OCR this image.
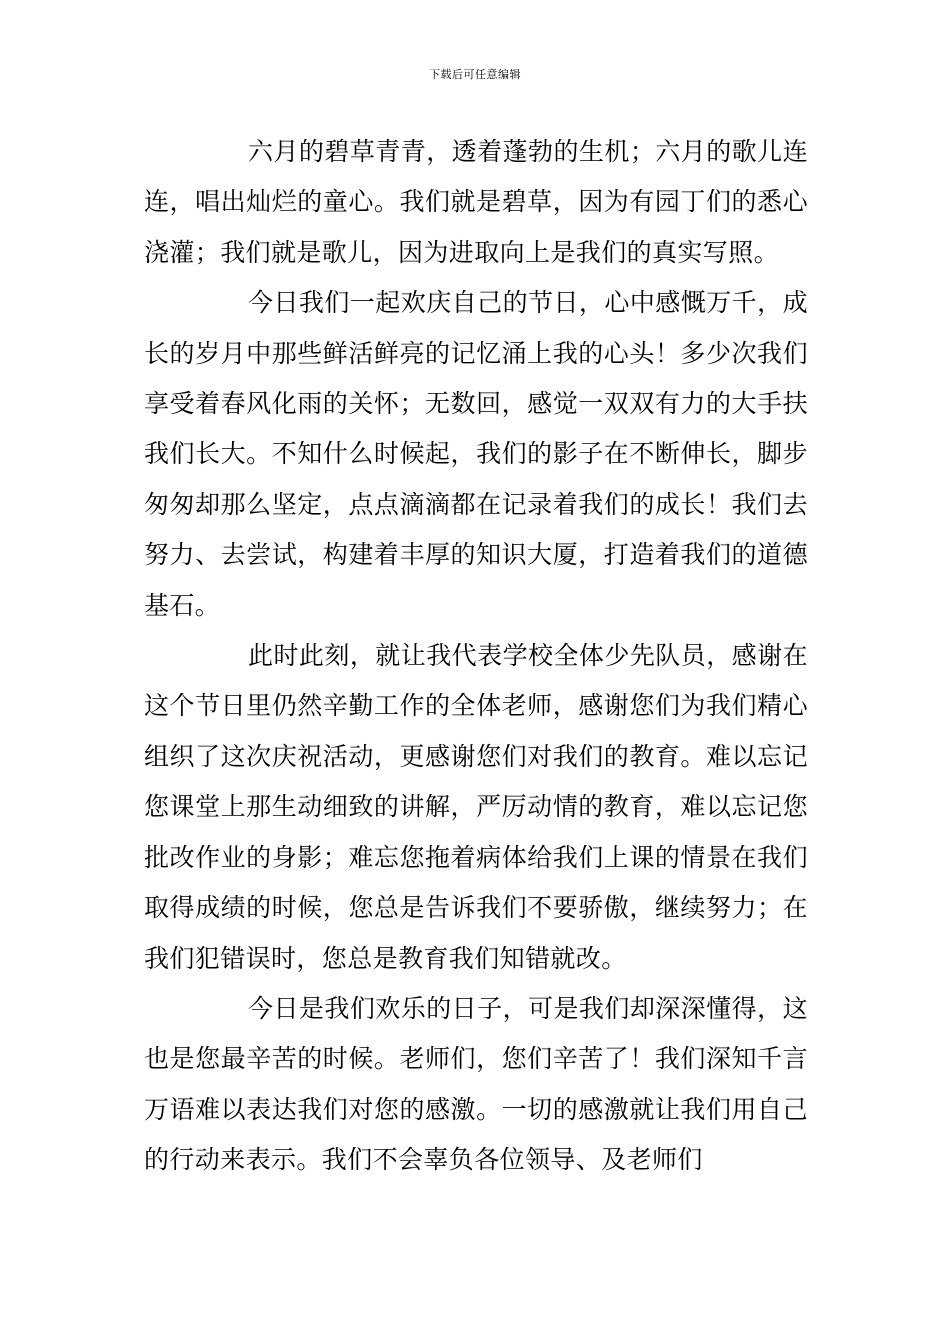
下载后可任意编辑

六月的碧草青青，透着蓬勃的生机；六月的歌儿连连，唱出灿烂的童心。我们就是碧草，因为有园丁们的悉心浇灌；我们就是歌儿，因为进取向上是我们的真实写照。

今日我们一起欢庆自己的节日，心中感慨万千，成长的岁月中那些鲜活鲜亮的记忆涌上我的心头！多少次我们享受着春风化雨的关怀；无数回，感觉一双双有力的大手扶我们长大。不知什么时候起，我们的影子在不断伸长，脚步匆匆却那么坚定，点点滴滴都在记录着我们的成长！我们去努力、去尝试，构建着丰厚的知识大厦，打造着我们的道德基石。

此时此刻，就让我代表学校全体少先队员，感谢在这个节日里仍然辛勤工作的全体老师，感谢您们为我们精心组织了这次庆祝活动，更感谢您们对我们的教育。难以忘记您课堂上那生动细致的讲解，严厉动情的教育，难以忘记您批改作业的身影；难忘您拖着病体给我们上课的情景在我们取得成绩的时候，您总是告诉我们不要骄傲，继续努力；在我们犯错误时，您总是教育我们知错就改。

今日是我们欢乐的日子，可是我们却深深懂得，这也是您最辛苦的时候。老师们，您们辛苦了！我们深知千言万语难以表达我们对您的感激。一切的感激就让我们用自己的行动来表示。我们不会辜负各位领导、及老师们
